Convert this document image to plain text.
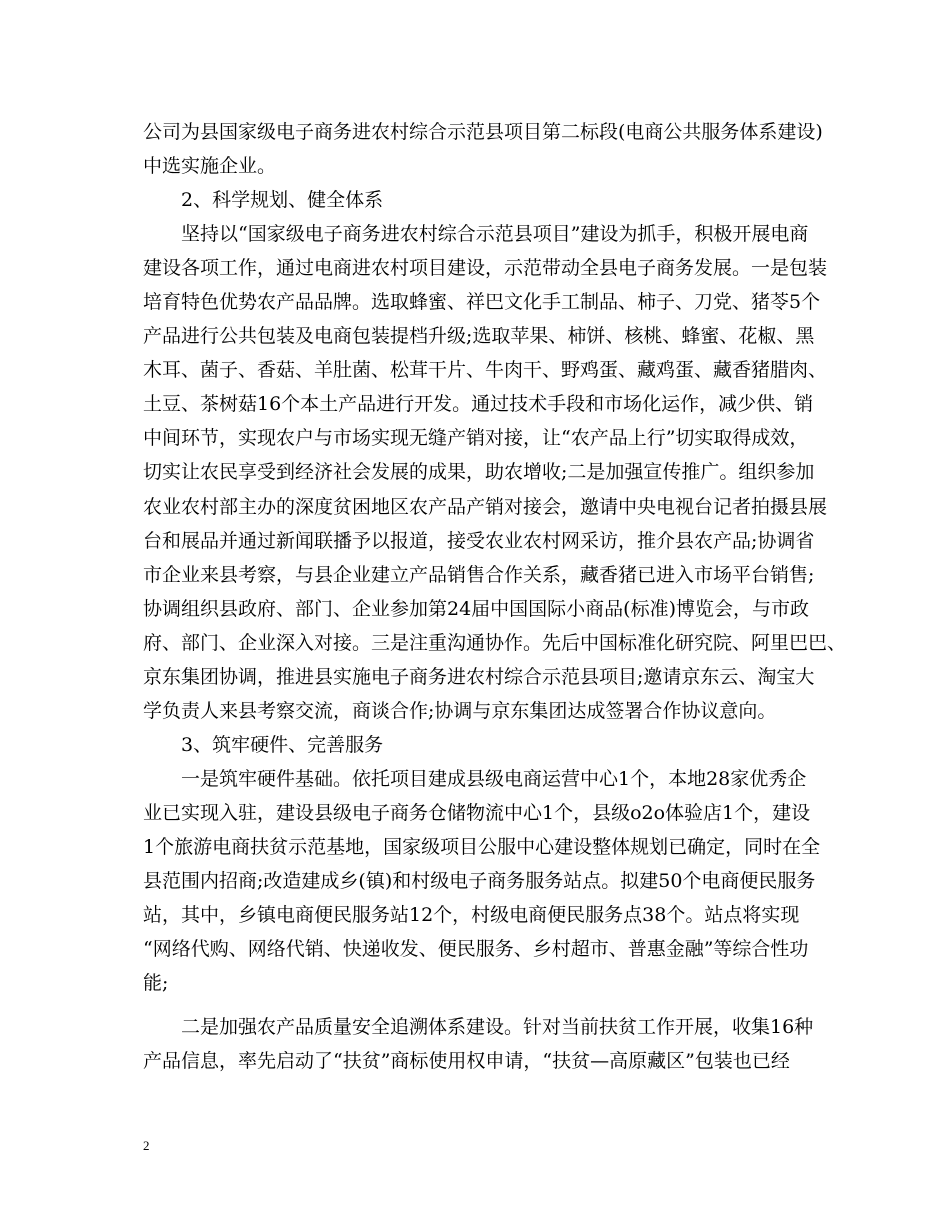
公司为县国家级电子商务进农村综合示范县项目第二标段(电商公共服务体系建设)
中选实施企业。
2、科学规划、健全体系
坚持以“国家级电子商务进农村综合示范县项目”建设为抓手，积极开展电商
建设各项工作，通过电商进农村项目建设，示范带动全县电子商务发展。一是包装
培育特色优势农产品品牌。选取蜂蜜、祥巴文化手工制品、柿子、刀党、猪苓5个
产品进行公共包装及电商包装提档升级;选取苹果、柿饼、核桃、蜂蜜、花椒、黑
木耳、菌子、香菇、羊肚菌、松茸干片、牛肉干、野鸡蛋、藏鸡蛋、藏香猪腊肉、
土豆、茶树菇16个本土产品进行开发。通过技术手段和市场化运作，减少供、销
中间环节，实现农户与市场实现无缝产销对接，让“农产品上行”切实取得成效，
切实让农民享受到经济社会发展的成果，助农增收;二是加强宣传推广。组织参加
农业农村部主办的深度贫困地区农产品产销对接会，邀请中央电视台记者拍摄县展
台和展品并通过新闻联播予以报道，接受农业农村网采访，推介县农产品;协调省
市企业来县考察，与县企业建立产品销售合作关系，藏香猪已进入市场平台销售;
协调组织县政府、部门、企业参加第24届中国国际小商品(标准)博览会，与市政
府、部门、企业深入对接。三是注重沟通协作。先后中国标准化研究院、阿里巴巴、
京东集团协调，推进县实施电子商务进农村综合示范县项目;邀请京东云、淘宝大
学负责人来县考察交流，商谈合作;协调与京东集团达成签署合作协议意向。
3、筑牢硬件、完善服务
一是筑牢硬件基础。依托项目建成县级电商运营中心1个，本地28家优秀企
业已实现入驻，建设县级电子商务仓储物流中心1个，县级o2o体验店1个，建设
1个旅游电商扶贫示范基地，国家级项目公服中心建设整体规划已确定，同时在全
县范围内招商;改造建成乡(镇)和村级电子商务服务站点。拟建50个电商便民服务
站，其中，乡镇电商便民服务站12个，村级电商便民服务点38个。站点将实现
“网络代购、网络代销、快递收发、便民服务、乡村超市、普惠金融”等综合性功
能;
二是加强农产品质量安全追溯体系建设。针对当前扶贫工作开展，收集16种
产品信息，率先启动了“扶贫”商标使用权申请，“扶贫—高原藏区”包装也已经
2
